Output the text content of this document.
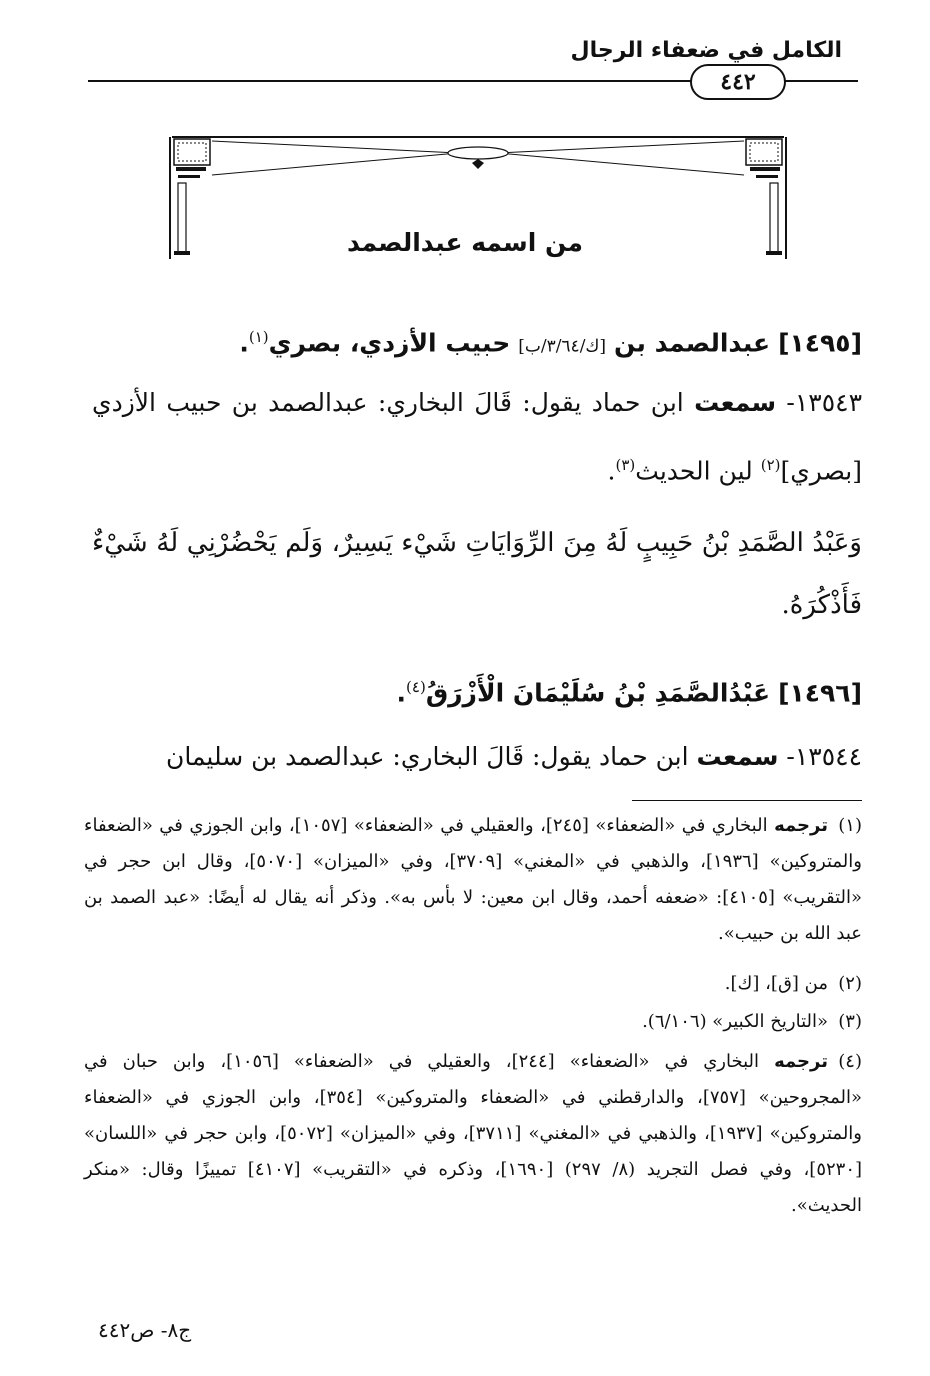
الكامل في ضعفاء الرجال
٤٤٢
من اسمه عبدالصمد
[١٤٩٥] عبدالصمد بن [ك/٣/٦٤/ب] حبيب الأزدي، بصري$^{(١)}$.
١٣٥٤٣- سمعت ابن حماد يقول: قَالَ البخاري: عبدالصمد بن حبيب الأزدي [بصري]$^{(٢)}$ لين الحديث$^{(٣)}$.
وَعَبْدُ الصَّمَدِ بْنُ حَبِيبٍ لَهُ مِنَ الرِّوَايَاتِ شَيْء يَسِيرٌ، وَلَم يَحْضُرْنِي لَهُ شَيْءٌ فَأَذْكُرَهُ.
[١٤٩٦] عَبْدُالصَّمَدِ بْنُ سُلَيْمَانَ الْأَزْرَقُ$^{(٤)}$.
١٣٥٤٤- سمعت ابن حماد يقول: قَالَ البخاري: عبدالصمد بن سليمان
(١)ترجمه البخاري في «الضعفاء» [٢٤٥]، والعقيلي في «الضعفاء» [١٠٥٧]، وابن الجوزي في «الضعفاء والمتروكين» [١٩٣٦]، والذهبي في «المغني» [٣٧٠٩]، وفي «الميزان» [٥٠٧٠]، وقال ابن حجر في «التقريب» [٤١٠٥]: «ضعفه أحمد، وقال ابن معين: لا بأس به». وذكر أنه يقال له أيضًا: «عبد الصمد بن عبد الله بن حبيب».
(٢)من [ق]، [ك].
(٣)«التاريخ الكبير» (٦/١٠٦).
(٤)ترجمه البخاري في «الضعفاء» [٢٤٤]، والعقيلي في «الضعفاء» [١٠٥٦]، وابن حبان في «المجروحين» [٧٥٧]، والدارقطني في «الضعفاء والمتروكين» [٣٥٤]، وابن الجوزي في «الضعفاء والمتروكين» [١٩٣٧]، والذهبي في «المغني» [٣٧١١]، وفي «الميزان» [٥٠٧٢]، وابن حجر في «اللسان» [٥٢٣٠]، وفي فصل التجريد (٨/ ٢٩٧) [١٦٩٠]، وذكره في «التقريب» [٤١٠٧] تمييزًا وقال: «منكر الحديث».
ج٨- ص٤٤٢
